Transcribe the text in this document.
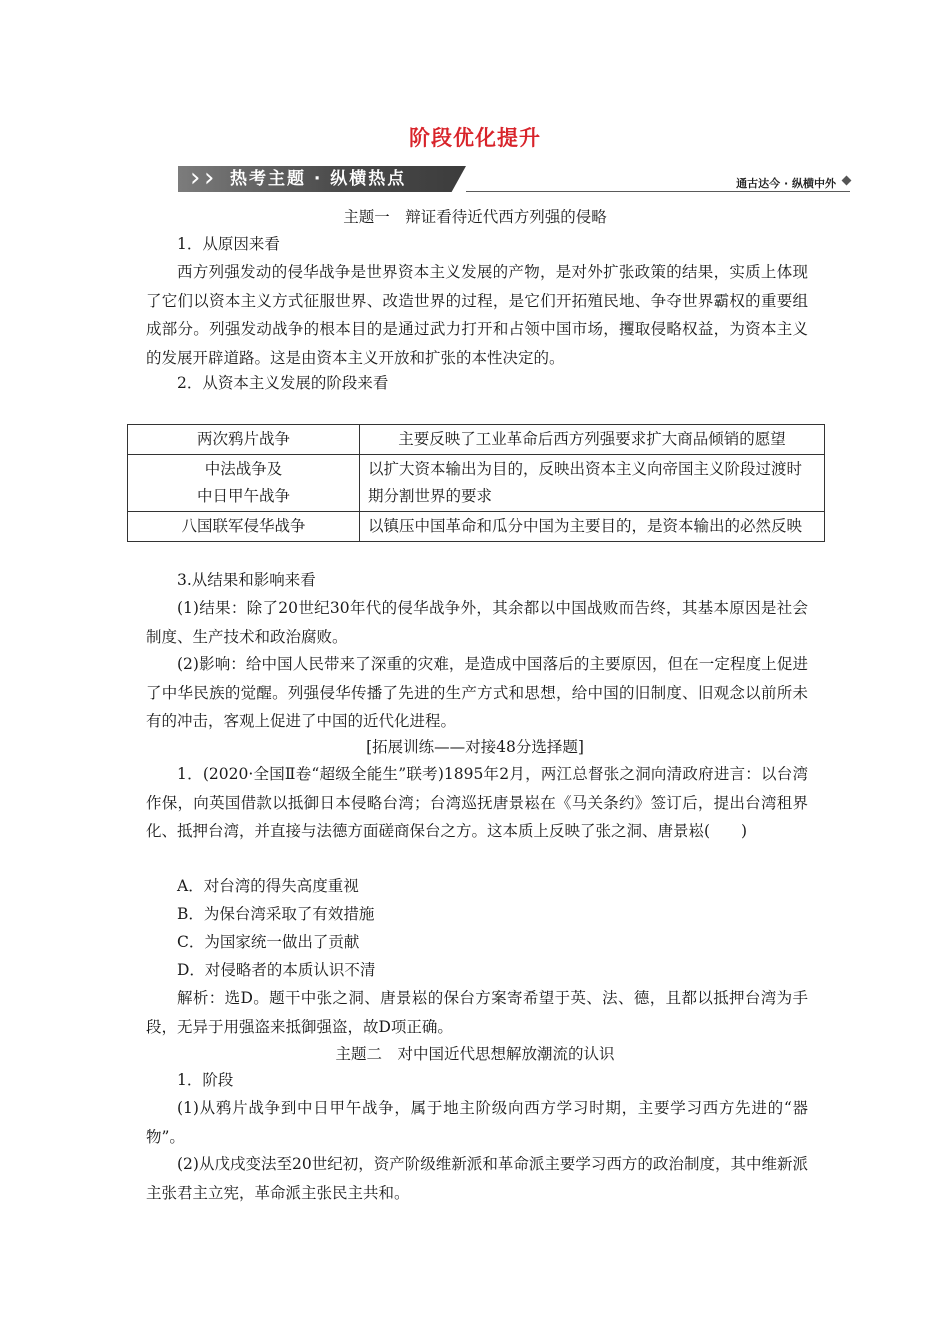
阶段优化提升
› › 热考主题 · 纵横热点	通古达今 · 纵横中外
主题一　辩证看待近代西方列强的侵略
1．从原因来看
西方列强发动的侵华战争是世界资本主义发展的产物，是对外扩张政策的结果，实质上体现了它们以资本主义方式征服世界、改造世界的过程，是它们开拓殖民地、争夺世界霸权的重要组成部分。列强发动战争的根本目的是通过武力打开和占领中国市场，攫取侵略权益，为资本主义的发展开辟道路。这是由资本主义开放和扩张的本性决定的。
2．从资本主义发展的阶段来看
两次鸦片战争	主要反映了工业革命后西方列强要求扩大商品倾销的愿望

中法战争及
中日甲午战争	以扩大资本输出为目的，反映出资本主义向帝国主义阶段过渡时期分割世界的要求
八国联军侵华战争	以镇压中国革命和瓜分中国为主要目的，是资本输出的必然反映
3.从结果和影响来看
(1)结果：除了20世纪30年代的侵华战争外，其余都以中国战败而告终，其基本原因是社会制度、生产技术和政治腐败。
(2)影响：给中国人民带来了深重的灾难，是造成中国落后的主要原因，但在一定程度上促进了中华民族的觉醒。列强侵华传播了先进的生产方式和思想，给中国的旧制度、旧观念以前所未有的冲击，客观上促进了中国的近代化进程。
[拓展训练——对接48分选择题]
1．(2020·全国Ⅱ卷“超级全能生”联考)1895年2月，两江总督张之洞向清政府进言：以台湾作保，向英国借款以抵御日本侵略台湾；台湾巡抚唐景崧在《马关条约》签订后，提出台湾租界化、抵押台湾，并直接与法德方面磋商保台之方。这本质上反映了张之洞、唐景崧(　　)
A．对台湾的得失高度重视
B．为保台湾采取了有效措施
C．为国家统一做出了贡献
D．对侵略者的本质认识不清
解析：选D。题干中张之洞、唐景崧的保台方案寄希望于英、法、德，且都以抵押台湾为手段，无异于用强盗来抵御强盗，故D项正确。
主题二　对中国近代思想解放潮流的认识
1．阶段
(1)从鸦片战争到中日甲午战争，属于地主阶级向西方学习时期，主要学习西方先进的“器物”。
(2)从戊戌变法至20世纪初，资产阶级维新派和革命派主要学习西方的政治制度，其中维新派主张君主立宪，革命派主张民主共和。
